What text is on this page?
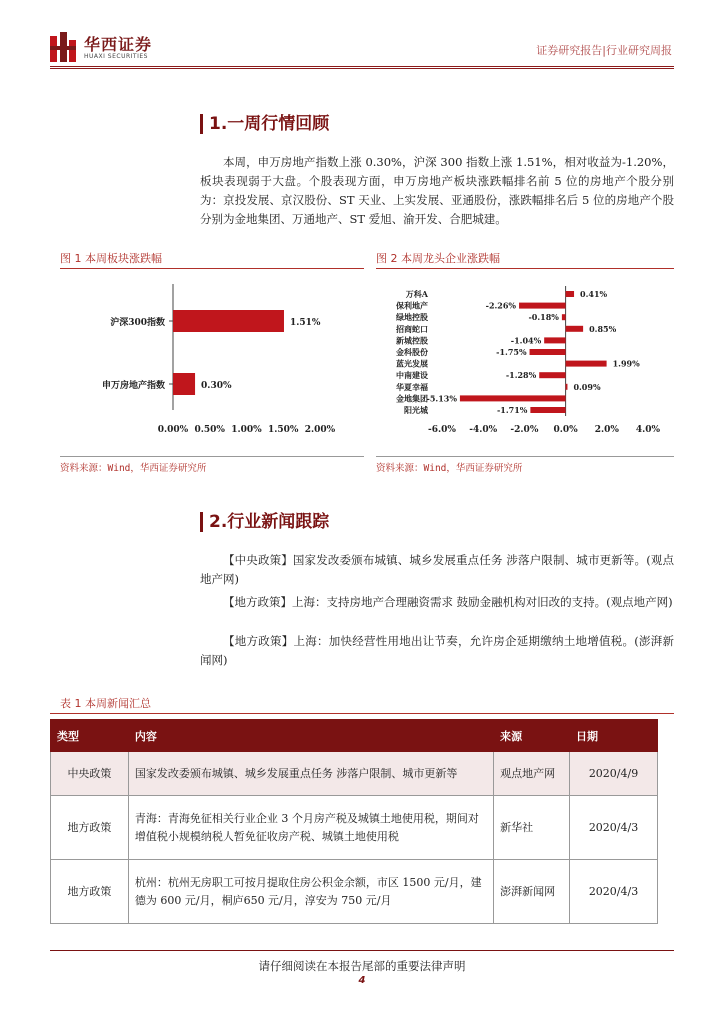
华西证券
HUAXI SECURITIES	证券研究报告|行业研究周报
1.一周行情回顾
本周，申万房地产指数上涨 0.30%，沪深 300 指数上涨 1.51%，相对收益为-1.20%，板块表现弱于大盘。个股表现方面，申万房地产板块涨跌幅排名前 5 位的房地产个股分别为：京投发展、京汉股份、ST 天业、上实发展、亚通股份，涨跌幅排名后 5 位的房地产个股分别为金地集团、万通地产、ST 爱旭、渝开发、合肥城建。
图 1 本周板块涨跌幅
沪深300指数
申万房地产指数
1.51%
0.30%
0.00% 0.50% 1.00% 1.50% 2.00%
资料来源：Wind，华西证券研究所
图 2 本周龙头企业涨跌幅
万科A
保利地产
绿地控股
招商蛇口
新城控股
金科股份
蓝光发展
中南建设
华夏幸福
金地集团
阳光城
0.41%
-2.26%
-0.18%
0.85%
-1.04%
-1.75%
1.99%
-1.28%
0.09%
-5.13%
-1.71%
-6.0% -4.0% -2.0% 0.0% 2.0% 4.0%
资料来源：Wind，华西证券研究所
2.行业新闻跟踪
【中央政策】国家发改委颁布城镇、城乡发展重点任务 涉落户限制、城市更新等。(观点地产网)
【地方政策】上海：支持房地产合理融资需求 鼓励金融机构对旧改的支持。(观点地产网)
【地方政策】上海：加快经营性用地出让节奏，允许房企延期缴纳土地增值税。(澎湃新闻网)
表 1 本周新闻汇总
类型	内容	来源	日期
中央政策	国家发改委颁布城镇、城乡发展重点任务 涉落户限制、城市更新等	观点地产网	2020/4/9
地方政策	青海：青海免征相关行业企业 3 个月房产税及城镇土地使用税，期间对增值税小规模纳税人暂免征收房产税、城镇土地使用税	新华社	2020/4/3
地方政策	杭州：杭州无房职工可按月提取住房公积金余额，市区 1500 元/月，建德为 600 元/月，桐庐650 元/月，淳安为 750 元/月	澎湃新闻网	2020/4/3
请仔细阅读在本报告尾部的重要法律声明
4
